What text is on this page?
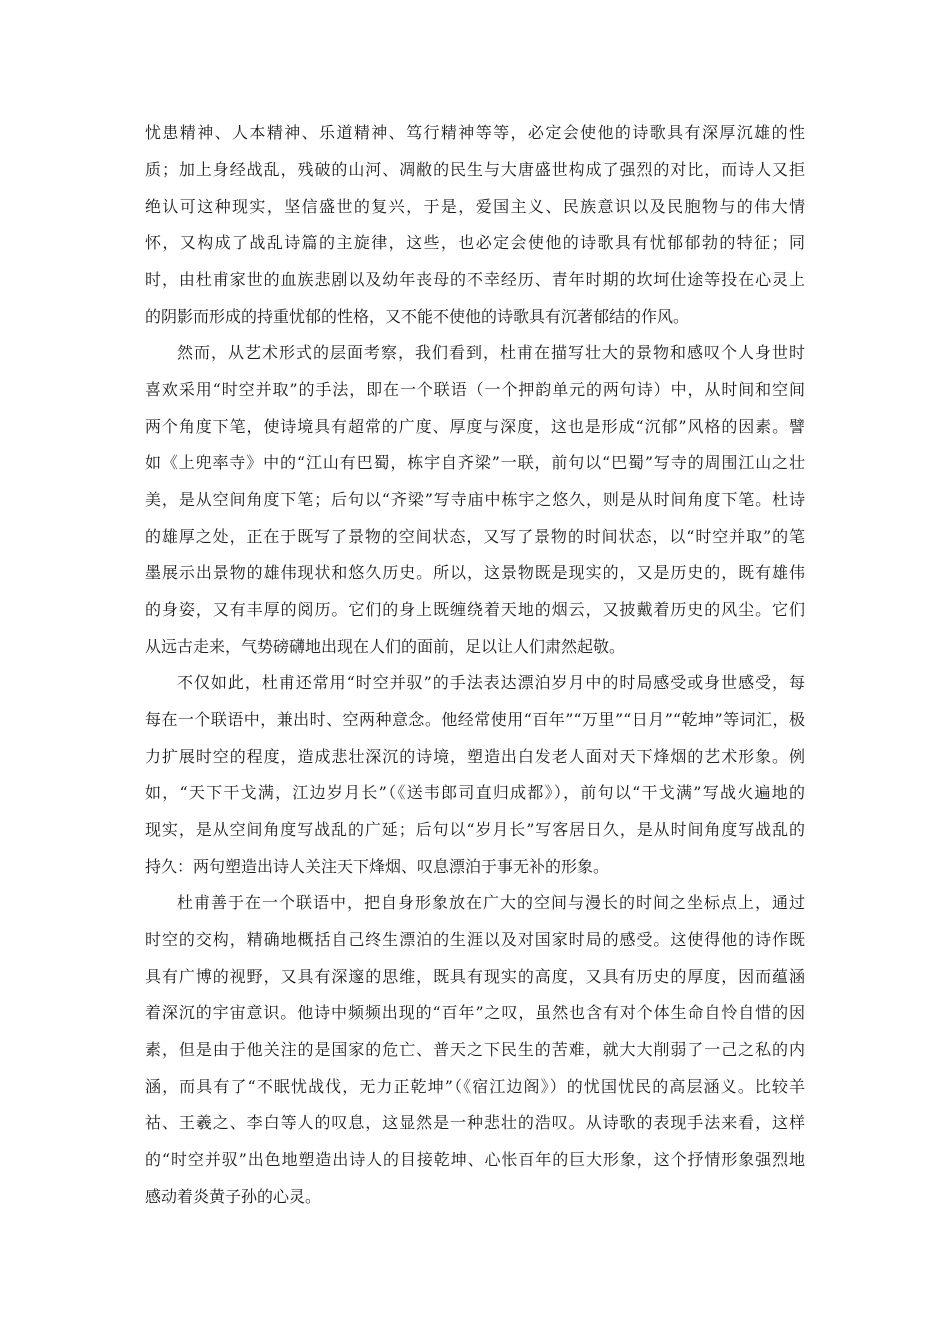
忧患精神、人本精神、乐道精神、笃行精神等等，必定会使他的诗歌具有深厚沉雄的性
质；加上身经战乱，残破的山河、凋敝的民生与大唐盛世构成了强烈的对比，而诗人又拒
绝认可这种现实，坚信盛世的复兴，于是，爱国主义、民族意识以及民胞物与的伟大情
怀，又构成了战乱诗篇的主旋律，这些，也必定会使他的诗歌具有忧郁郁勃的特征；同
时，由杜甫家世的血族悲剧以及幼年丧母的不幸经历、青年时期的坎坷仕途等投在心灵上
的阴影而形成的持重忧郁的性格，又不能不使他的诗歌具有沉著郁结的作风。
然而，从艺术形式的层面考察，我们看到，杜甫在描写壮大的景物和感叹个人身世时
喜欢采用“时空并取”的手法，即在一个联语（一个押韵单元的两句诗）中，从时间和空间
两个角度下笔，使诗境具有超常的广度、厚度与深度，这也是形成“沉郁”风格的因素。譬
如《上兜率寺》中的“江山有巴蜀，栋宇自齐梁”一联，前句以“巴蜀”写寺的周围江山之壮
美，是从空间角度下笔；后句以“齐梁”写寺庙中栋宇之悠久，则是从时间角度下笔。杜诗
的雄厚之处，正在于既写了景物的空间状态，又写了景物的时间状态，以“时空并取”的笔
墨展示出景物的雄伟现状和悠久历史。所以，这景物既是现实的，又是历史的，既有雄伟
的身姿，又有丰厚的阅历。它们的身上既缠绕着天地的烟云，又披戴着历史的风尘。它们
从远古走来，气势磅礴地出现在人们的面前，足以让人们肃然起敬。
不仅如此，杜甫还常用“时空并驭”的手法表达漂泊岁月中的时局感受或身世感受，每
每在一个联语中，兼出时、空两种意念。他经常使用“百年”“万里”“日月”“乾坤”等词汇，极
力扩展时空的程度，造成悲壮深沉的诗境，塑造出白发老人面对天下烽烟的艺术形象。例
如，“天下干戈满，江边岁月长”（《送韦郎司直归成都》），前句以“干戈满”写战火遍地的
现实，是从空间角度写战乱的广延；后句以“岁月长”写客居日久，是从时间角度写战乱的
持久：两句塑造出诗人关注天下烽烟、叹息漂泊于事无补的形象。
杜甫善于在一个联语中，把自身形象放在广大的空间与漫长的时间之坐标点上，通过
时空的交构，精确地概括自己终生漂泊的生涯以及对国家时局的感受。这使得他的诗作既
具有广博的视野，又具有深邃的思维，既具有现实的高度，又具有历史的厚度，因而蕴涵
着深沉的宇宙意识。他诗中频频出现的“百年”之叹，虽然也含有对个体生命自怜自惜的因
素，但是由于他关注的是国家的危亡、普天之下民生的苦难，就大大削弱了一己之私的内
涵，而具有了“不眠忧战伐，无力正乾坤”（《宿江边阁》）的忧国忧民的高层涵义。比较羊
祜、王羲之、李白等人的叹息，这显然是一种悲壮的浩叹。从诗歌的表现手法来看，这样
的“时空并驭”出色地塑造出诗人的目接乾坤、心怅百年的巨大形象，这个抒情形象强烈地
感动着炎黄子孙的心灵。
